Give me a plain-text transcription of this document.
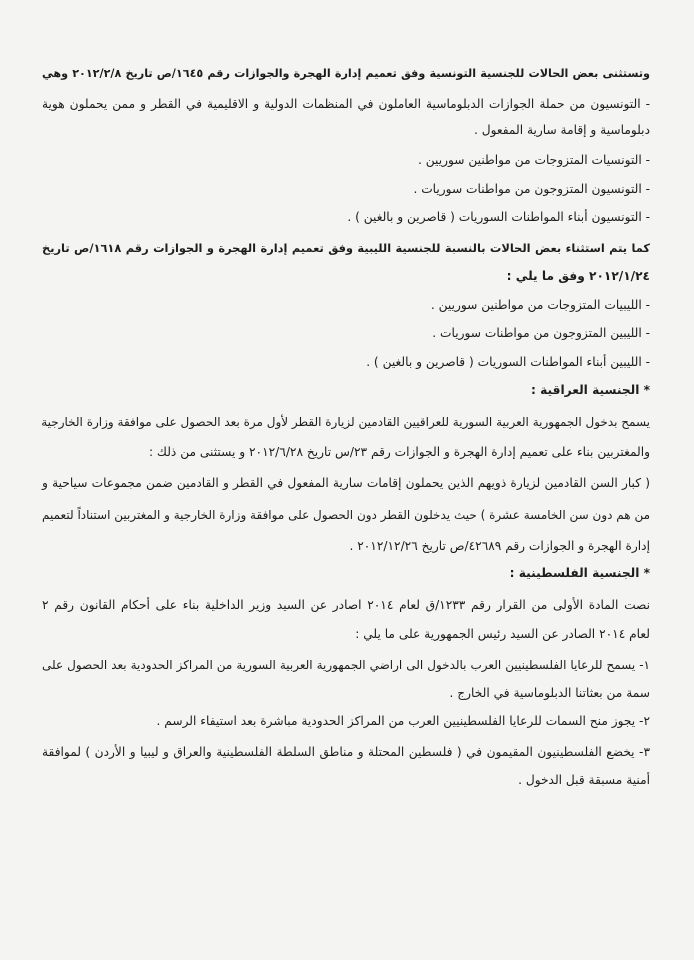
وتستثنى بعض الحالات للجنسية التونسية وفق تعميم إدارة الهجرة والجوازات رقم ١٦٤٥/ص تاريخ ٢٠١٢/٢/٨ وهي
- التونسيون من حملة الجوازات الدبلوماسية العاملون في المنظمات الدولية و الاقليمية في القطر و ممن يحملون هوية
دبلوماسية و إقامة سارية المفعول .
- التونسيات المتزوجات من مواطنين سوريين .
- التونسيون المتزوجون من مواطنات سوريات .
- التونسيون أبناء المواطنات السوريات ( قاصرين و بالغين ) .
كما يتم استثناء بعض الحالات بالنسبة للجنسية الليبية وفق تعميم إدارة الهجرة و الجوازات رقم ١٦١٨/ص تاريخ
٢٠١٢/١/٢٤ وفق ما يلي :
- الليبيات المتزوجات من مواطنين سوريين .
- الليبين المتزوجون من مواطنات سوريات .
- الليبين أبناء المواطنات السوريات ( قاصرين و بالغين ) .
* الجنسية العراقية :
يسمح بدخول الجمهورية العربية السورية للعراقيين القادمين لزيارة القطر لأول مرة بعد الحصول على موافقة وزارة الخارجية
والمغتربين بناء على تعميم إدارة الهجرة و الجوازات رقم ٢٣/س تاريخ ٢٠١٢/٦/٢٨ و يستثنى من ذلك :
( كبار السن القادمين لزيارة ذويهم الذين يحملون إقامات سارية المفعول في القطر و القادمين ضمن مجموعات سياحية و
من هم دون سن الخامسة عشرة ) حيث يدخلون القطر دون الحصول على موافقة وزارة الخارجية و المغتربين استناداً لتعميم
إدارة الهجرة و الجوازات رقم ٤٢٦٨٩/ص تاريخ ٢٠١٢/١٢/٢٦ .
* الجنسية الفلسطينية :
نصت المادة الأولى من القرار رقم ١٢٣٣/ق لعام ٢٠١٤ اصادر عن السيد وزير الداخلية بناء على أحكام القانون رقم ٢
لعام ٢٠١٤ الصادر عن السيد رئيس الجمهورية على ما يلي :
١- يسمح للرعايا الفلسطينيين العرب بالدخول الى اراضي الجمهورية العربية السورية من المراكز الحدودية بعد الحصول على
سمة من بعثاتنا الدبلوماسية في الخارج .
٢- يجوز منح السمات للرعايا الفلسطينيين العرب من المراكز الحدودية مباشرة بعد استيفاء الرسم .
٣- يخضع الفلسطينيون المقيمون في ( فلسطين المحتلة و مناطق السلطة الفلسطينية والعراق و ليبيا و الأردن ) لموافقة
أمنية مسبقة قبل الدخول .
